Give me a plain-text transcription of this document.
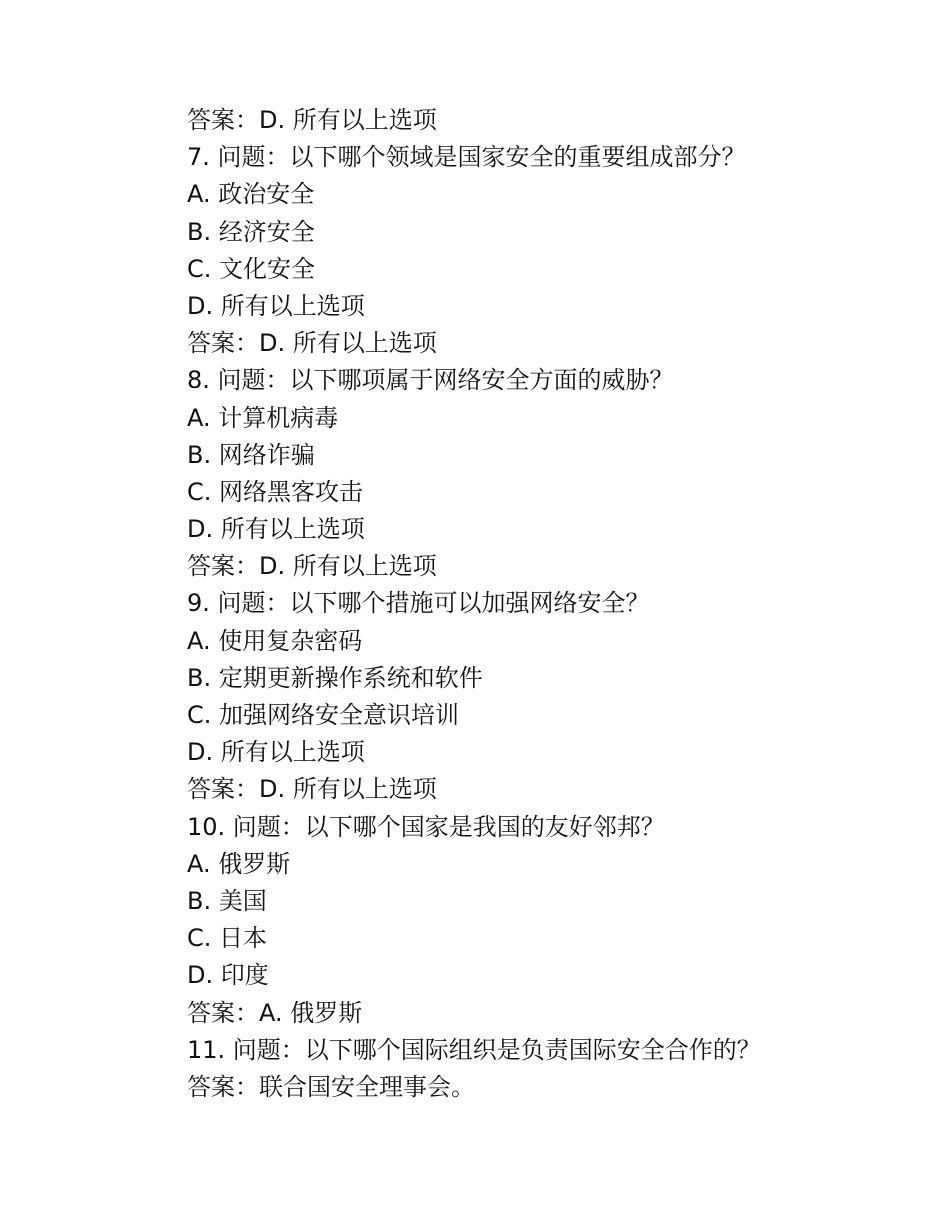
答案：D. 所有以上选项
7. 问题：以下哪个领域是国家安全的重要组成部分？
A. 政治安全
B. 经济安全
C. 文化安全
D. 所有以上选项
答案：D. 所有以上选项
8. 问题：以下哪项属于网络安全方面的威胁？
A. 计算机病毒
B. 网络诈骗
C. 网络黑客攻击
D. 所有以上选项
答案：D. 所有以上选项
9. 问题：以下哪个措施可以加强网络安全？
A. 使用复杂密码
B. 定期更新操作系统和软件
C. 加强网络安全意识培训
D. 所有以上选项
答案：D. 所有以上选项
10. 问题：以下哪个国家是我国的友好邻邦？
A. 俄罗斯
B. 美国
C. 日本
D. 印度
答案：A. 俄罗斯
11. 问题：以下哪个国际组织是负责国际安全合作的？
答案：联合国安全理事会。
